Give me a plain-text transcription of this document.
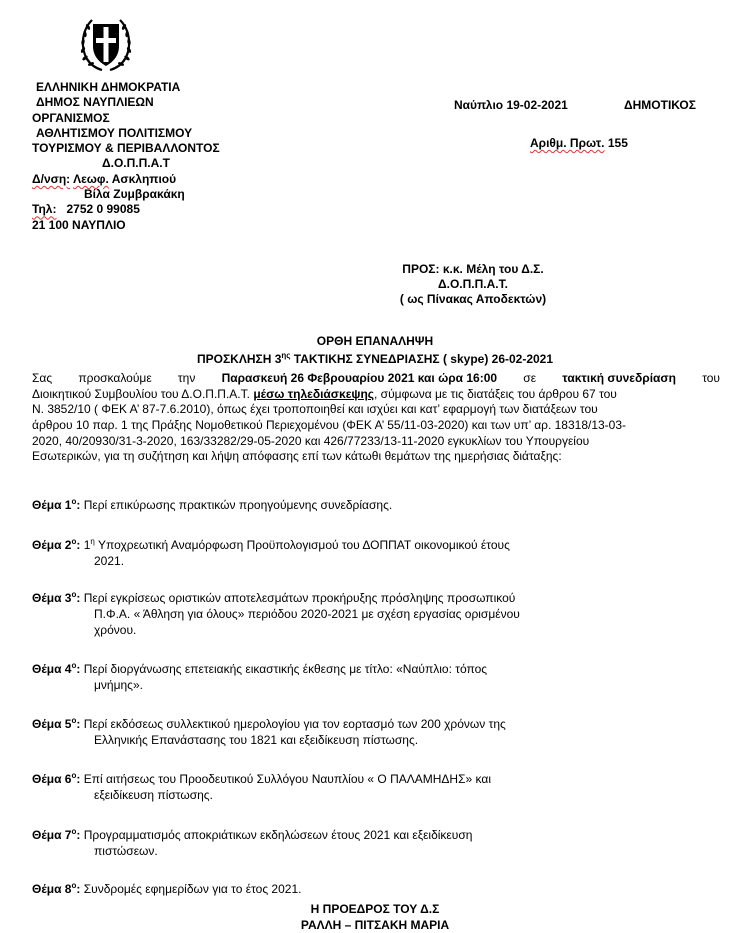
ΕΛΛΗΝΙΚΗ ΔΗΜΟΚΡΑΤΙΑ
ΔΗΜΟΣ ΝΑΥΠΛΙΕΩΝ
ΟΡΓΑΝΙΣΜΟΣ
ΑΘΛΗΤΙΣΜΟΥ ΠΟΛΙΤΙΣΜΟΥ
ΤΟΥΡΙΣΜΟΥ & ΠΕΡΙΒΑΛΛΟΝΤΟΣ
Δ.Ο.Π.Π.Α.Τ
Δ/νση: Λεωφ. Ασκληπιού
Βίλα Ζυμβρακάκη
Τηλ: 2752 0 99085
21 100 ΝΑΥΠΛΙΟ
Ναύπλιο 19-02-2021	ΔΗΜΟΤΙΚΟΣ
Αριθμ. Πρωτ. 155
ΠΡΟΣ: κ.κ. Μέλη του Δ.Σ.
Δ.Ο.Π.Π.Α.Τ.
( ως Πίνακας Αποδεκτών)
ΟΡΘΗ ΕΠΑΝΑΛΗΨΗ
ΠΡΟΣΚΛΗΣΗ $3^{\eta\varsigma}$ ΤΑΚΤΙΚΗΣ ΣΥΝΕΔΡΙΑΣΗΣ ( skype) 26-02-2021
Σας προσκαλούμε την Παρασκευή 26 Φεβρουαρίου 2021 και ώρα 16:00 σε τακτική συνεδρίαση του
Διοικητικού Συμβουλίου του Δ.Ο.Π.Π.Α.Τ.
μέσω τηλεδιάσκεψης , σύμφωνα με τις διατάξεις του άρθρου 67 του
Ν. 3852/10 ( ΦΕΚ Α’ 87-7.6.2010), όπως έχει τροποποιηθεί και ισχύει και κατ’ εφαρμογή των διατάξεων του
άρθρου 10 παρ. 1 της Πράξης Νομοθετικού Περιεχομένου (ΦΕΚ Α’ 55/11-03-2020) και των υπ’ αρ. 18318/13-03-
2020, 40/20930/31-3-2020, 163/33282/29-05-2020 και 426/77233/13-11-2020 εγκυκλίων του Υπουργείου
Εσωτερικών, για τη συζήτηση και λήψη απόφασης επί των κάτωθι θεμάτων της ημερήσιας διάταξης:
Θέμα $1^o$: Περί επικύρωσης πρακτικών προηγούμενης συνεδρίασης.
Θέμα $2^o$: $1^\eta$ Υποχρεωτική Αναμόρφωση Προϋπολογισμού του ΔΟΠΠΑΤ οικονομικού έτους
2021.
Θέμα $3^o$: Περί εγκρίσεως οριστικών αποτελεσμάτων προκήρυξης πρόσληψης προσωπικού
Π.Φ.Α. « Άθληση για όλους» περιόδου 2020-2021 με σχέση εργασίας ορισμένου
χρόνου.
Θέμα $4^o$: Περί διοργάνωσης επετειακής εικαστικής έκθεσης με τίτλο: «Ναύπλιο: τόπος
μνήμης».
Θέμα $5^o$: Περί εκδόσεως συλλεκτικού ημερολογίου για τον εορτασμό των 200 χρόνων της
Ελληνικής Επανάστασης του 1821 και εξειδίκευση πίστωσης.
Θέμα $6^o$: Επί αιτήσεως του Προοδευτικού Συλλόγου Ναυπλίου « Ο ΠΑΛΑΜΗΔΗΣ» και
εξειδίκευση πίστωσης.
Θέμα $7^o$: Προγραμματισμός αποκριάτικων εκδηλώσεων έτους 2021 και εξειδίκευση
πιστώσεων.
Θέμα $8^o$: Συνδρομές εφημερίδων για το έτος 2021.
Η ΠΡΟΕΔΡΟΣ ΤΟΥ Δ.Σ
ΡΑΛΛΗ – ΠΙΤΣΑΚΗ ΜΑΡΙΑ
